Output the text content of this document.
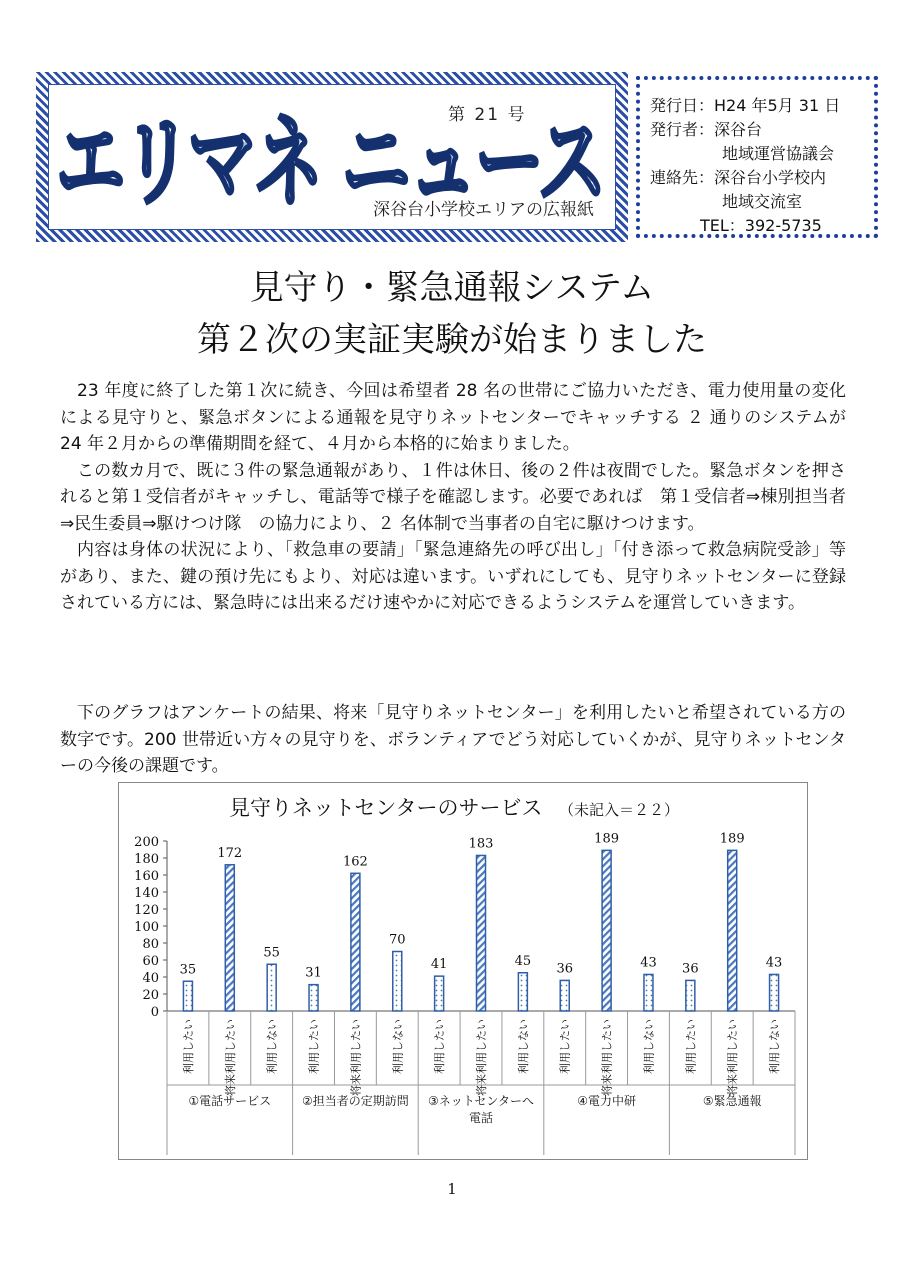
エリマネ ニュース
第 21 号
深谷台小学校エリアの広報紙
発行日： H24 年5月 31 日
発行者： 深谷台
地域運営協議会
連絡先： 深谷台小学校内
地域交流室
TEL：392-5735
見守り・緊急通報システム
第２次の実証実験が始まりました

23 年度に終了した第１次に続き、今回は希望者 28 名の世帯にご協力いただき、電力使用量の変化による見守りと、緊急ボタンによる通報を見守りネットセンターでキャッチする ２ 通りのシステムが 24 年２月からの準備期間を経て、４月から本格的に始まりました。

この数カ月で、既に３件の緊急通報があり、１件は休日、後の２件は夜間でした。緊急ボタンを押されると第１受信者がキャッチし、電話等で様子を確認します。必要であれば　第１受信者⇒棟別担当者⇒民生委員⇒駆けつけ隊　の協力により、２ 名体制で当事者の自宅に駆けつけます。

内容は身体の状況により、「救急車の要請」「緊急連絡先の呼び出し」「付き添って救急病院受診」等があり、また、鍵の預け先にもより、対応は違います。いずれにしても、見守りネットセンターに登録されている方には、緊急時には出来るだけ速やかに対応できるようシステムを運営していきます。

下のグラフはアンケートの結果、将来「見守りネットセンター」を利用したいと希望されている方の数字です。200 世帯近い方々の見守りを、ボランティアでどう対応していくかが、見守りネットセンターの今後の課題です。

見守りネットセンターのサービス （未記入＝２２）
0
20
40
60
80
100
120
140
160
180
200
35
利用したい
172
将来利用したい
55
利用しない
①電話サービス
31
利用したい
162
将来利用したい
70
利用しない
②担当者の定期訪問
41
利用したい
183
将来利用したい
45
利用しない
③ネットセンターへ
電話
36
利用したい
189
将来利用したい
43
利用しない
④電力中研
36
利用したい
189
将来利用したい
43
利用しない
⑤緊急通報
1
